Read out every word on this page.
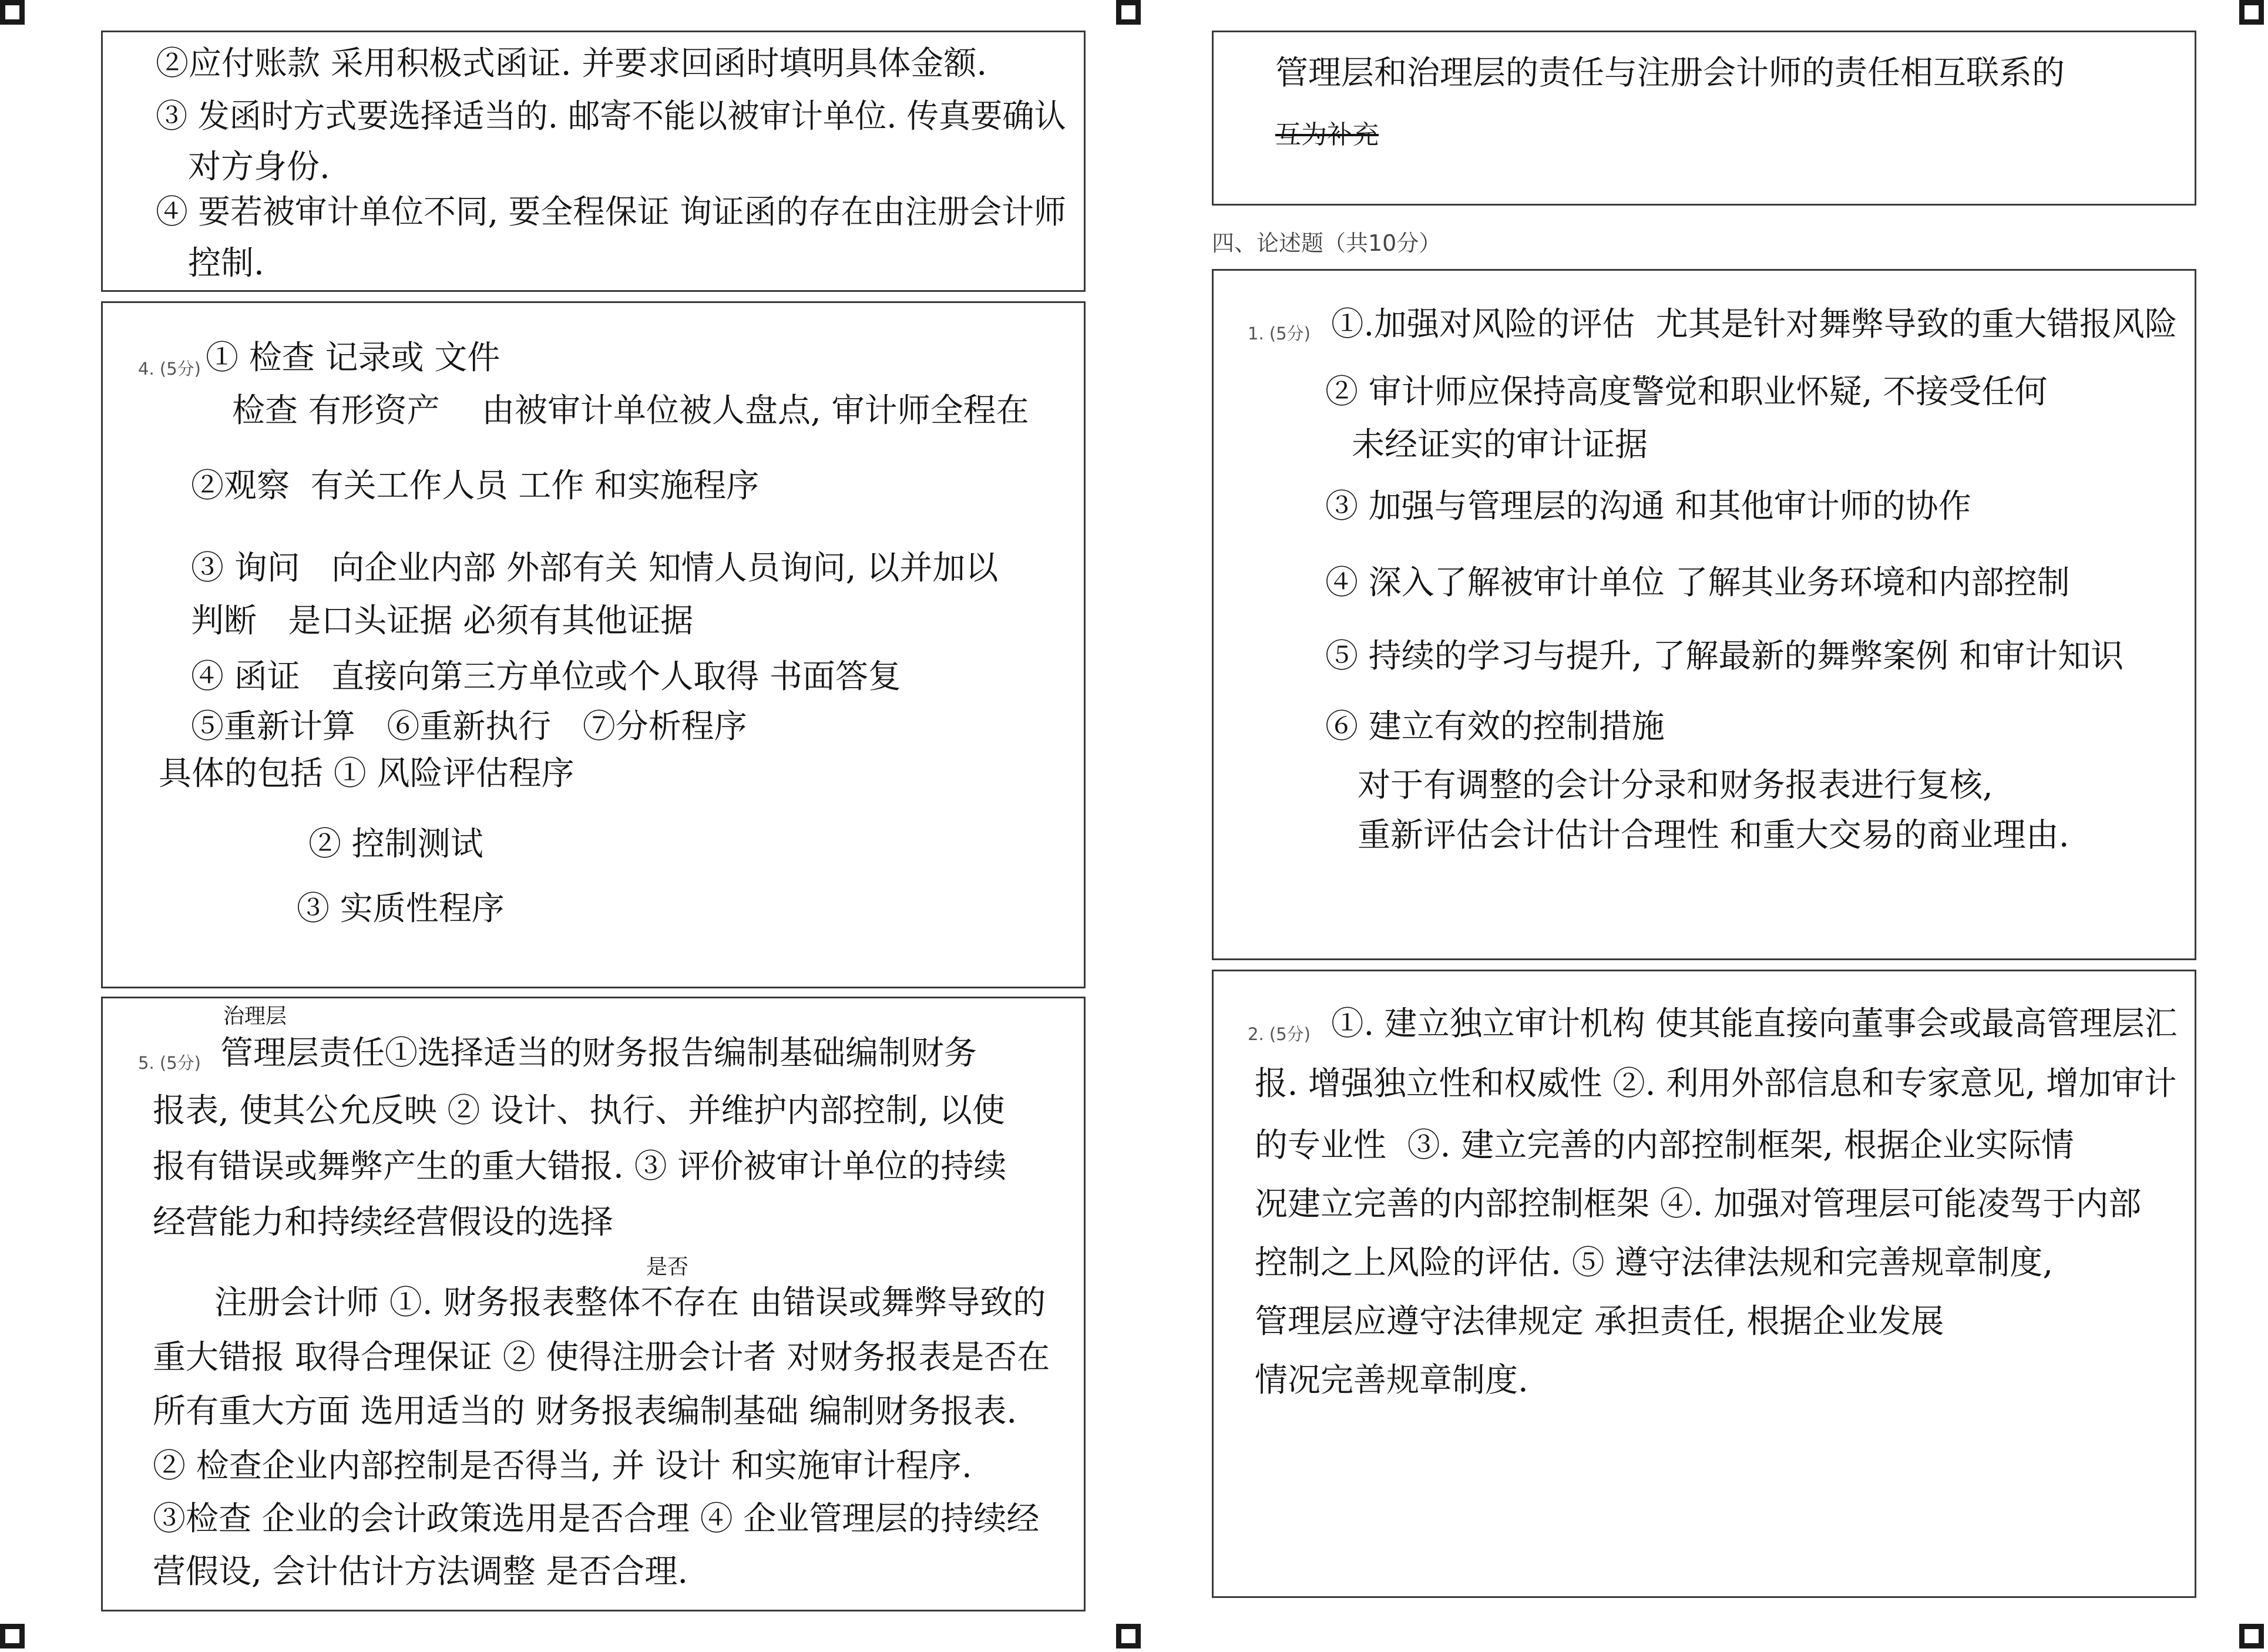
②应付账款 采用积极式函证. 并要求回函时填明具体金额.

③ 发函时方式要选择适当的. 邮寄不能以被审计单位. 传真要确认

对方身份.

④ 要若被审计单位不同, 要全程保证 询证函的存在由注册会计师

控制.

4. (5分) ① 检查 记录或 文件

检查 有形资产    由被审计单位被人盘点, 审计师全程在

②观察  有关工作人员 工作 和实施程序

③ 询问   向企业内部 外部有关 知情人员询问, 以并加以

判断   是口头证据 必须有其他证据

④ 函证   直接向第三方单位或个人取得 书面答复

⑤重新计算   ⑥重新执行   ⑦分析程序

具体的包括 ① 风险评估程序

② 控制测试

③ 实质性程序

5. (5分)

治理层

管理层责任①选择适当的财务报告编制基础编制财务

报表, 使其公允反映 ② 设计、执行、并维护内部控制, 以使

报有错误或舞弊产生的重大错报. ③ 评价被审计单位的持续

经营能力和持续经营假设的选择

是否

注册会计师 ①. 财务报表整体不存在 由错误或舞弊导致的

重大错报 取得合理保证 ② 使得注册会计者 对财务报表是否在

所有重大方面 选用适当的 财务报表编制基础 编制财务报表.

② 检查企业内部控制是否得当, 并 设计 和实施审计程序.

③检查 企业的会计政策选用是否合理 ④ 企业管理层的持续经

营假设, 会计估计方法调整 是否合理.

管理层和治理层的责任与注册会计师的责任相互联系的

互为补充

四、论述题（共10分）

1. (5分) ①.加强对风险的评估  尤其是针对舞弊导致的重大错报风险

② 审计师应保持高度警觉和职业怀疑, 不接受任何

未经证实的审计证据

③ 加强与管理层的沟通 和其他审计师的协作

④ 深入了解被审计单位 了解其业务环境和内部控制

⑤ 持续的学习与提升, 了解最新的舞弊案例 和审计知识

⑥ 建立有效的控制措施

对于有调整的会计分录和财务报表进行复核,

重新评估会计估计合理性 和重大交易的商业理由.

2. (5分) ①. 建立独立审计机构 使其能直接向董事会或最高管理层汇

报. 增强独立性和权威性 ②. 利用外部信息和专家意见, 增加审计

的专业性  ③. 建立完善的内部控制框架, 根据企业实际情

况建立完善的内部控制框架 ④. 加强对管理层可能凌驾于内部

控制之上风险的评估. ⑤ 遵守法律法规和完善规章制度,

管理层应遵守法律规定 承担责任, 根据企业发展

情况完善规章制度.
